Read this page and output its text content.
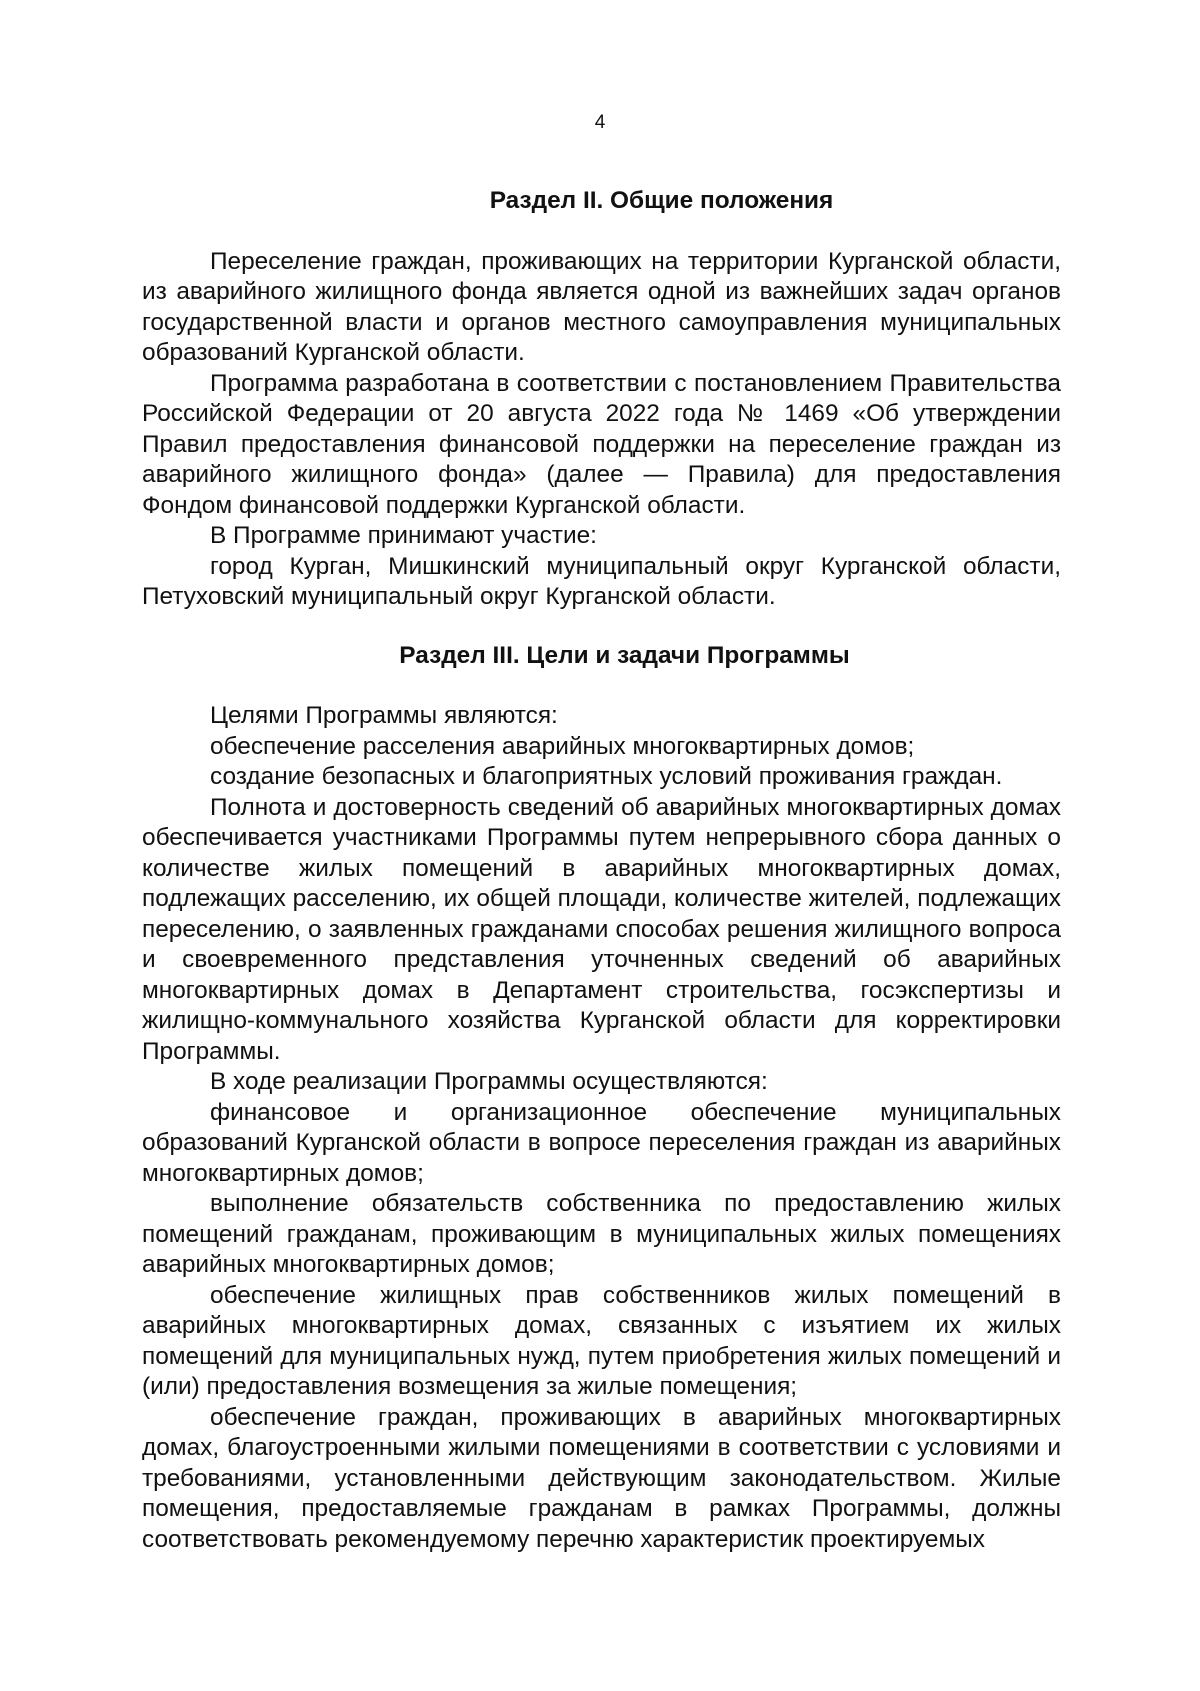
4
Раздел II. Общие положения

Переселение граждан, проживающих на территории Курганской области, из аварийного жилищного фонда является одной из важнейших задач органов государственной власти и органов местного самоуправления муниципальных образований Курганской области.

Программа разработана в соответствии с постановлением Правительства Российской Федерации от 20 августа 2022 года № 1469 «Об утверждении Правил предоставления финансовой поддержки на переселение граждан из аварийного жилищного фонда» (далее — Правила) для предоставления Фондом финансовой поддержки Курганской области.

В Программе принимают участие:

город Курган, Мишкинский муниципальный округ Курганской области, Петуховский муниципальный округ Курганской области.

Раздел III. Цели и задачи Программы

Целями Программы являются:

обеспечение расселения аварийных многоквартирных домов;

создание безопасных и благоприятных условий проживания граждан.

Полнота и достоверность сведений об аварийных многоквартирных домах обеспечивается участниками Программы путем непрерывного сбора данных о количестве жилых помещений в аварийных многоквартирных домах, подлежащих расселению, их общей площади, количестве жителей, подлежащих переселению, о заявленных гражданами способах решения жилищного вопроса и своевременного представления уточненных сведений об аварийных многоквартирных домах в Департамент строительства, госэкспертизы и жилищно-коммунального хозяйства Курганской области для корректировки Программы.

В ходе реализации Программы осуществляются:

финансовое и организационное обеспечение муниципальных образований Курганской области в вопросе переселения граждан из аварийных многоквартирных домов;

выполнение обязательств собственника по предоставлению жилых помещений гражданам, проживающим в муниципальных жилых помещениях аварийных многоквартирных домов;

обеспечение жилищных прав собственников жилых помещений в аварийных многоквартирных домах, связанных с изъятием их жилых помещений для муниципальных нужд, путем приобретения жилых помещений и (или) предоставления возмещения за жилые помещения;

обеспечение граждан, проживающих в аварийных многоквартирных домах, благоустроенными жилыми помещениями в соответствии с условиями и требованиями, установленными действующим законодательством. Жилые помещения, предоставляемые гражданам в рамках Программы, должны соответствовать рекомендуемому перечню характеристик проектируемых
